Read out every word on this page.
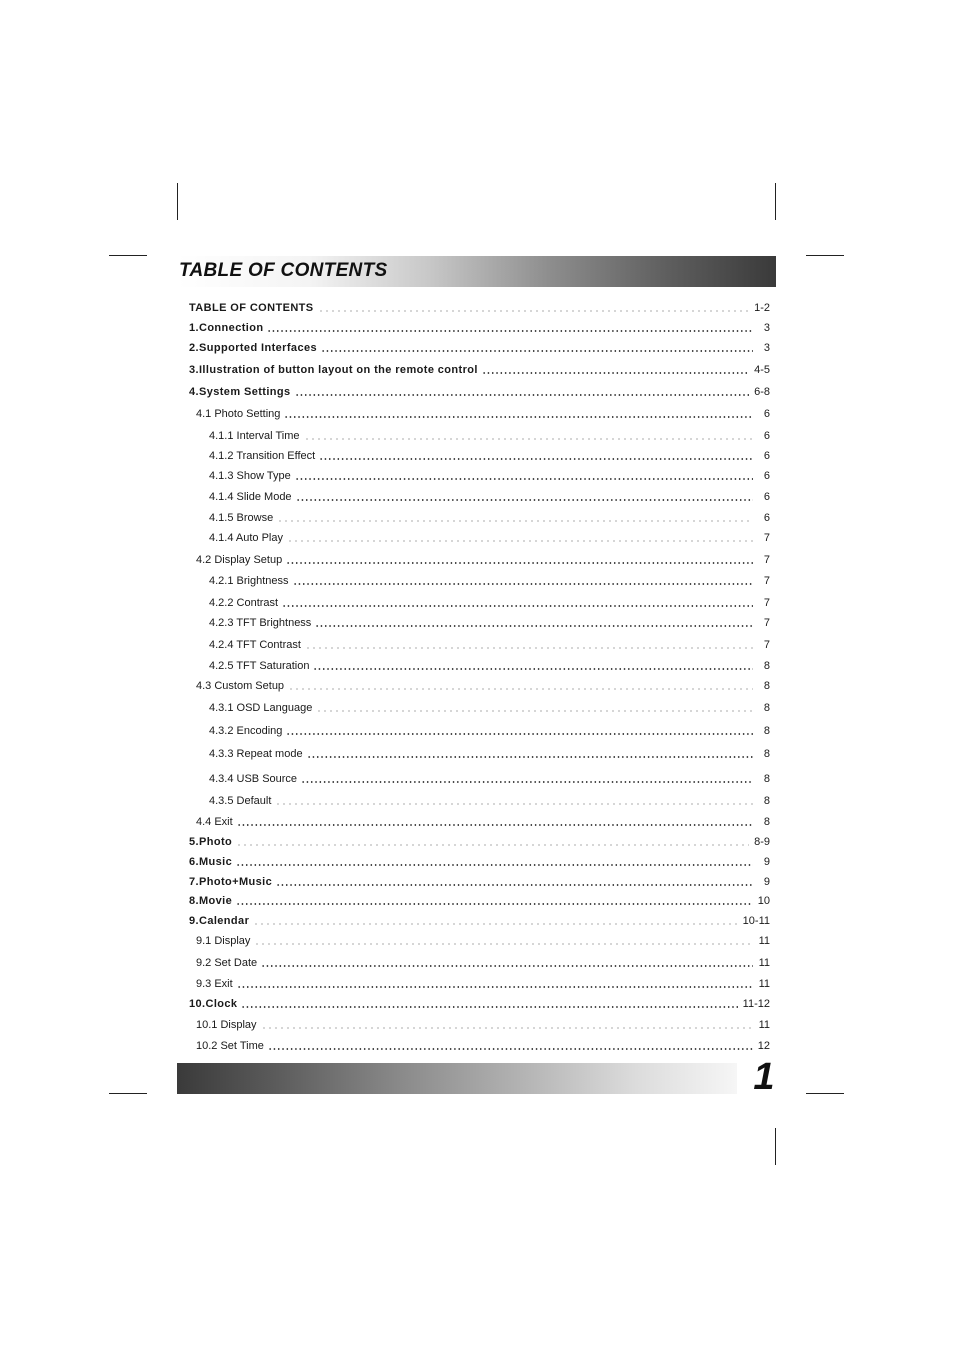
TABLE OF CONTENTS
TABLE OF CONTENTS	1-2
1.Connection	3
2.Supported Interfaces	3
3.Illustration of button layout on the remote control	4-5
4.System Settings	6-8
4.1 Photo Setting	6
4.1.1 Interval Time	6
4.1.2 Transition Effect	6
4.1.3 Show Type	6
4.1.4 Slide Mode	6
4.1.5 Browse	6
4.1.4 Auto Play	7
4.2 Display Setup	7
4.2.1 Brightness	7
4.2.2 Contrast	7
4.2.3 TFT Brightness	7
4.2.4 TFT Contrast	7
4.2.5 TFT Saturation	8
4.3 Custom Setup	8
4.3.1 OSD Language	8
4.3.2 Encoding	8
4.3.3 Repeat mode	8
4.3.4 USB Source	8
4.3.5 Default	8
4.4 Exit	8
5.Photo	8-9
6.Music	9
7.Photo+Music	9
8.Movie	10
9.Calendar	10-11
9.1 Display	11
9.2 Set Date	11
9.3 Exit	11
10.Clock	11-12
10.1 Display	11
10.2 Set Time	12
1
